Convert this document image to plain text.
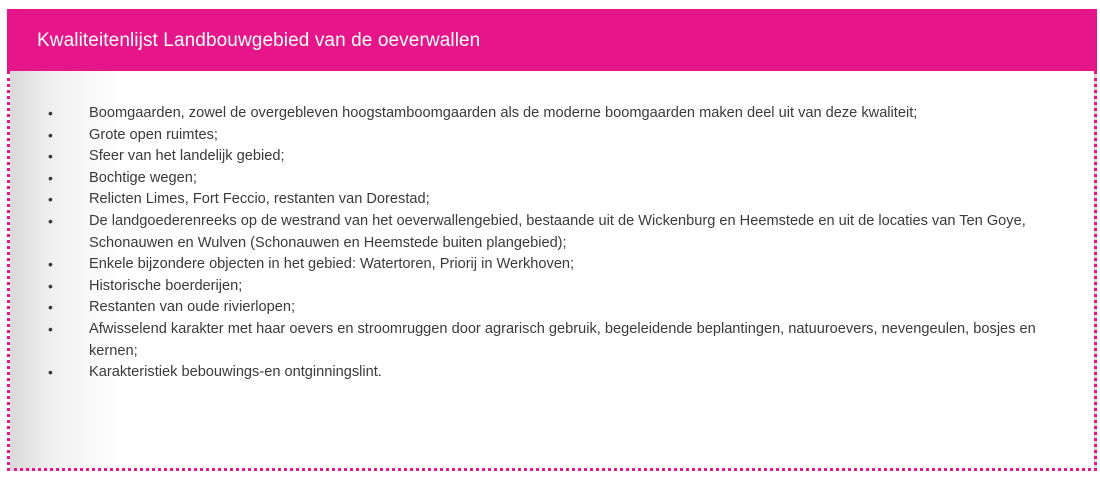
Kwaliteitenlijst Landbouwgebied van de oeverwallen
• Boomgaarden, zowel de overgebleven hoogstamboomgaarden als de moderne boomgaarden maken deel uit van deze kwaliteit;
• Grote open ruimtes;
• Sfeer van het landelijk gebied;
• Bochtige wegen;
• Relicten Limes, Fort Feccio, restanten van Dorestad;
• De landgoederenreeks op de westrand van het oeverwallengebied, bestaande uit de Wickenburg en Heemstede en uit de locaties van Ten Goye, Schonauwen en Wulven (Schonauwen en Heemstede buiten plangebied);
• Enkele bijzondere objecten in het gebied: Watertoren, Priorij in Werkhoven;
• Historische boerderijen;
• Restanten van oude rivierlopen;
• Afwisselend karakter met haar oevers en stroomruggen door agrarisch gebruik, begeleidende beplantingen, natuuroevers, nevengeulen, bosjes en kernen;
• Karakteristiek bebouwings-en ontginningslint.
